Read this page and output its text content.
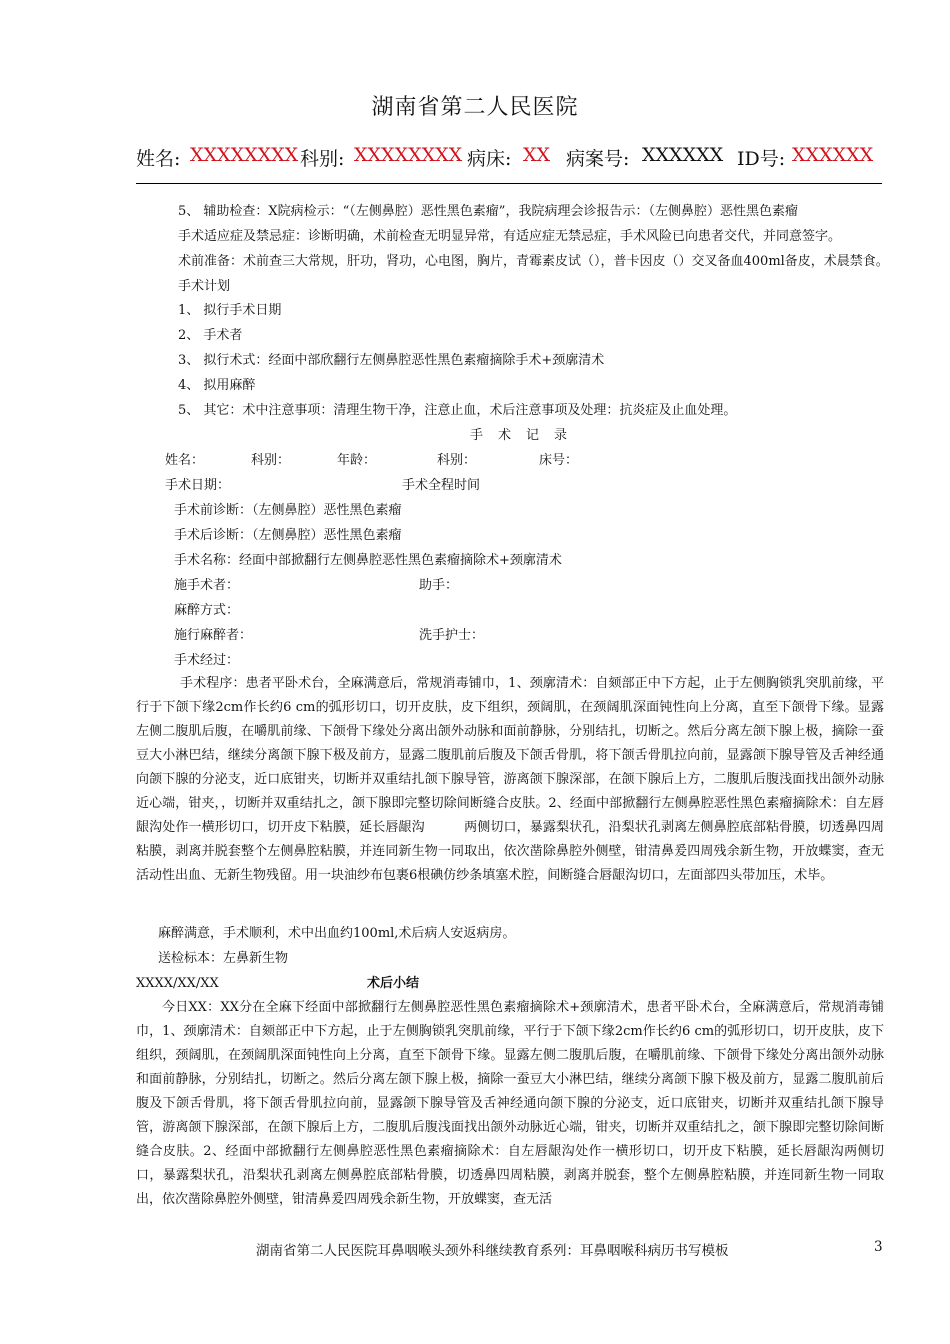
湖南省第二人民医院
姓名: XXXXXXXX 科别: XXXXXXXX 病床: XX 病案号: XXXXXX ID号: XXXXXX
5、 辅助检查：X院病检示：“（左侧鼻腔）恶性黑色素瘤”，我院病理会诊报告示：（左侧鼻腔）恶性黑色素瘤
手术适应症及禁忌症：诊断明确，术前检查无明显异常，有适应症无禁忌症，手术风险已向患者交代，并同意签字。
术前准备：术前查三大常规，肝功，肾功，心电图，胸片，青霉素皮试（），普卡因皮（）交叉备血400ml备皮，术晨禁食。
手术计划
1、 拟行手术日期
2、 手术者
3、 拟行术式：经面中部欣翻行左侧鼻腔恶性黑色素瘤摘除手术+颈廓清术
4、 拟用麻醉
5、 其它：术中注意事项：清理生物干净，注意止血，术后注意事项及处理：抗炎症及止血处理。
手　术　记　录
姓名：	科别：	年龄：	科别：	床号：
手术日期：	手术全程时间
手术前诊断：（左侧鼻腔）恶性黑色素瘤
手术后诊断：（左侧鼻腔）恶性黑色素瘤
手术名称：经面中部掀翻行左侧鼻腔恶性黑色素瘤摘除术+颈廓清术
施手术者：	助手：
麻醉方式：
施行麻醉者：	洗手护士：
手术经过：
手术程序：患者平卧术台，全麻满意后，常规消毒铺巾，1、颈廓清术：自颏部正中下方起，止于左侧胸锁乳突肌前缘，平行于下颌下缘2cm作长约6 cm的弧形切口，切开皮肤，皮下组织，颈阔肌，在颈阔肌深面钝性向上分离，直至下颌骨下缘。显露左侧二腹肌后腹，在嚼肌前缘、下颌骨下缘处分离出颌外动脉和面前静脉，分别结扎，切断之。然后分离左颌下腺上极，摘除一蚕豆大小淋巴结，继续分离颌下腺下极及前方，显露二腹肌前后腹及下颌舌骨肌，将下颌舌骨肌拉向前，显露颌下腺导管及舌神经通向颌下腺的分泌支，近口底钳夹，切断并双重结扎颌下腺导管，游离颌下腺深部，在颌下腺后上方，二腹肌后腹浅面找出颌外动脉近心端，钳夹，，切断并双重结扎之，颌下腺即完整切除间断缝合皮肤。2、经面中部掀翻行左侧鼻腔恶性黑色素瘤摘除术：自左唇龈沟处作一横形切口，切开皮下粘膜，延长唇龈沟　　　两侧切口，暴露梨状孔，沿梨状孔剥离左侧鼻腔底部粘骨膜，切透鼻四周粘膜，剥离并脱套整个左侧鼻腔粘膜，并连同新生物一同取出，依次凿除鼻腔外侧壁，钳清鼻爰四周残余新生物，开放蝶窦，查无活动性出血、无新生物残留。用一块油纱布包裹6根碘仿纱条填塞术腔，间断缝合唇龈沟切口，左面部四头带加压，术毕。
麻醉满意，手术顺利，术中出血约100ml,术后病人安返病房。
送检标本：左鼻新生物
XXXX/XX/XX	术后小结
今日XX：XX分在全麻下经面中部掀翻行左侧鼻腔恶性黑色素瘤摘除术+颈廓清术，患者平卧术台，全麻满意后，常规消毒铺巾，1、颈廓清术：自颏部正中下方起，止于左侧胸锁乳突肌前缘，平行于下颌下缘2cm作长约6 cm的弧形切口，切开皮肤，皮下组织，颈阔肌，在颈阔肌深面钝性向上分离，直至下颌骨下缘。显露左侧二腹肌后腹，在嚼肌前缘、下颌骨下缘处分离出颌外动脉和面前静脉，分别结扎，切断之。然后分离左颌下腺上极，摘除一蚕豆大小淋巴结，继续分离颌下腺下极及前方，显露二腹肌前后腹及下颌舌骨肌，将下颌舌骨肌拉向前，显露颌下腺导管及舌神经通向颌下腺的分泌支，近口底钳夹，切断并双重结扎颌下腺导管，游离颌下腺深部，在颌下腺后上方，二腹肌后腹浅面找出颌外动脉近心端，钳夹，切断并双重结扎之，颌下腺即完整切除间断缝合皮肤。2、经面中部掀翻行左侧鼻腔恶性黑色素瘤摘除术：自左唇龈沟处作一横形切口，切开皮下粘膜，延长唇龈沟两侧切口，暴露梨状孔，沿梨状孔剥离左侧鼻腔底部粘骨膜，切透鼻四周粘膜，剥离并脱套，整个左侧鼻腔粘膜，并连同新生物一同取出，依次凿除鼻腔外侧壁，钳清鼻爰四周残余新生物，开放蝶窦，查无活
湖南省第二人民医院耳鼻咽喉头颈外科继续教育系列：耳鼻咽喉科病历书写模板	3
